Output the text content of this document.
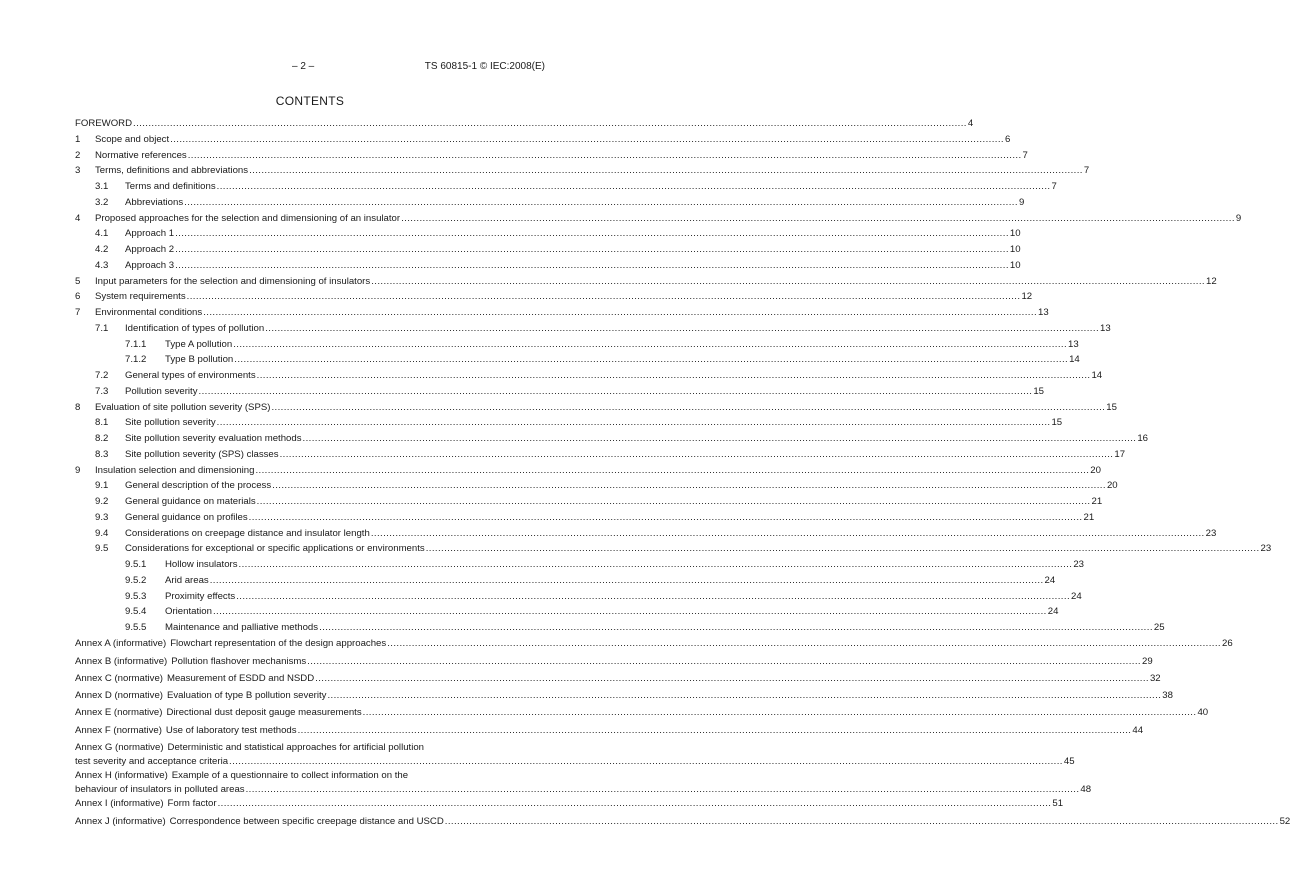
– 2 –	TS 60815-1 © IEC:2008(E)
CONTENTS
FOREWORD .....	4
1	Scope and object .....	6
2	Normative references .....	7
3	Terms, definitions and abbreviations .....	7
3.1	Terms and definitions .....	7
3.2	Abbreviations .....	9
4	Proposed approaches for the selection and dimensioning of an insulator .....	9
4.1	Approach 1 .....	10
4.2	Approach 2 .....	10
4.3	Approach 3 .....	10
5	Input parameters for the selection and dimensioning of insulators .....	12
6	System requirements .....	12
7	Environmental conditions .....	13
7.1	Identification of types of pollution .....	13
7.1.1	Type A pollution .....	13
7.1.2	Type B pollution .....	14
7.2	General types of environments .....	14
7.3	Pollution severity .....	15
8	Evaluation of site pollution severity (SPS) .....	15
8.1	Site pollution severity .....	15
8.2	Site pollution severity evaluation methods .....	16
8.3	Site pollution severity (SPS) classes .....	17
9	Insulation selection and dimensioning .....	20
9.1	General description of the process .....	20
9.2	General guidance on materials .....	21
9.3	General guidance on profiles .....	21
9.4	Considerations on creepage distance and insulator length .....	23
9.5	Considerations for exceptional or specific applications or environments .....	23
9.5.1	Hollow insulators .....	23
9.5.2	Arid areas .....	24
9.5.3	Proximity effects .....	24
9.5.4	Orientation .....	24
9.5.5	Maintenance and palliative methods .....	25
Annex A (informative) Flowchart representation of the design approaches .....	26
Annex B (informative) Pollution flashover mechanisms .....	29
Annex C (normative) Measurement of ESDD and NSDD .....	32
Annex D (normative) Evaluation of type B pollution severity .....	38
Annex E (normative) Directional dust deposit gauge measurements .....	40
Annex F (normative) Use of laboratory test methods .....	44
Annex G (normative) Deterministic and statistical approaches for artificial pollution
test severity and acceptance criteria .....	45
Annex H (informative) Example of a questionnaire to collect information on the
behaviour of insulators in polluted areas .....	48
Annex I (informative) Form factor .....	51
Annex J (informative) Correspondence between specific creepage distance and USCD .....	52
